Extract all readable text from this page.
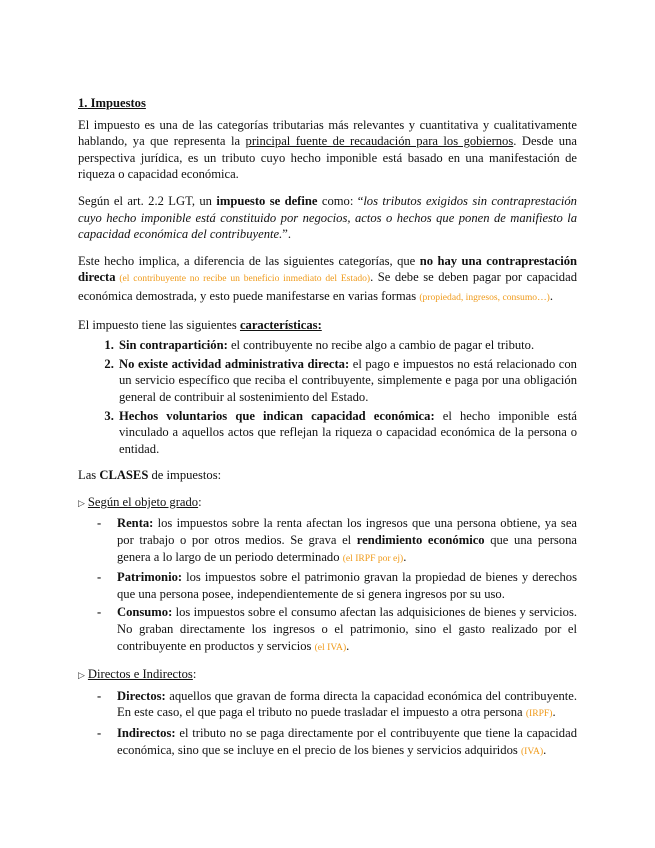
1. Impuestos

El impuesto es una de las categorías tributarias más relevantes y cuantitativa y cualitativamente hablando, ya que representa la principal fuente de recaudación para los gobiernos. Desde una perspectiva jurídica, es un tributo cuyo hecho imponible está basado en una manifestación de riqueza o capacidad económica.

Según el art. 2.2 LGT, un impuesto se define como: “los tributos exigidos sin contraprestación cuyo hecho imponible está constituido por negocios, actos o hechos que ponen de manifiesto la capacidad económica del contribuyente.”.

Este hecho implica, a diferencia de las siguientes categorías, que no hay una contraprestación directa (el contribuyente no recibe un beneficio inmediato del Estado). Se debe se deben pagar por capacidad económica demostrada, y esto puede manifestarse en varias formas (propiedad, ingresos, consumo…).

El impuesto tiene las siguientes características:

1. Sin contrapartición: el contribuyente no recibe algo a cambio de pagar el tributo.
2. No existe actividad administrativa directa: el pago e impuestos no está relacionado con un servicio específico que reciba el contribuyente, simplemente e paga por una obligación general de contribuir al sostenimiento del Estado.
3. Hechos voluntarios que indican capacidad económica: el hecho imponible está vinculado a aquellos actos que reflejan la riqueza o capacidad económica de la persona o entidad.

Las CLASES de impuestos:

▷ Según el objeto grado:

- Renta: los impuestos sobre la renta afectan los ingresos que una persona obtiene, ya sea por trabajo o por otros medios. Se grava el rendimiento económico que una persona genera a lo largo de un periodo determinado (el IRPF por ej).
- Patrimonio: los impuestos sobre el patrimonio gravan la propiedad de bienes y derechos que una persona posee, independientemente de si genera ingresos por su uso.
- Consumo: los impuestos sobre el consumo afectan las adquisiciones de bienes y servicios. No graban directamente los ingresos o el patrimonio, sino el gasto realizado por el contribuyente en productos y servicios (el IVA).

▷ Directos e Indirectos:

- Directos: aquellos que gravan de forma directa la capacidad económica del contribuyente. En este caso, el que paga el tributo no puede trasladar el impuesto a otra persona (IRPF).
- Indirectos: el tributo no se paga directamente por el contribuyente que tiene la capacidad económica, sino que se incluye en el precio de los bienes y servicios adquiridos (IVA).
